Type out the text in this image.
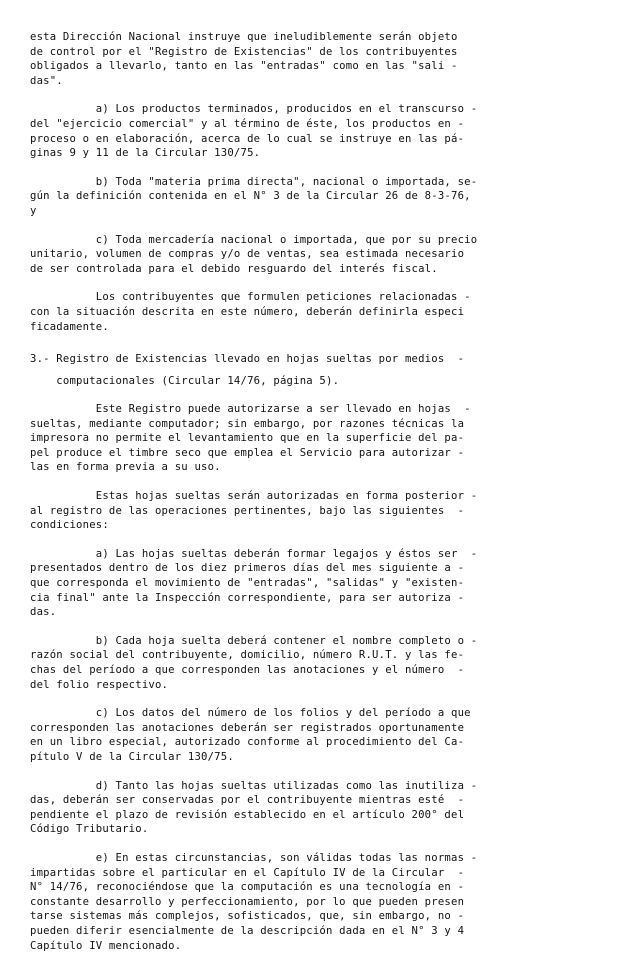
esta Dirección Nacional instruye que ineludiblemente serán objeto
de control por el "Registro de Existencias" de los contribuyentes
obligados a llevarlo, tanto en las "entradas" como en las "sali -
das".
a) Los productos terminados, producidos en el transcurso -
del "ejercicio comercial" y al término de éste, los productos en -
proceso o en elaboración, acerca de lo cual se instruye en las pá-
ginas 9 y 11 de la Circular 130/75.
b) Toda "materia prima directa", nacional o importada, se-
gún la definición contenida en el N° 3 de la Circular 26 de 8-3-76,
y
c) Toda mercadería nacional o importada, que por su precio
unitario, volumen de compras y/o de ventas, sea estimada necesario
de ser controlada para el debido resguardo del interés fiscal.
Los contribuyentes que formulen peticiones relacionadas -
con la situación descrita en este número, deberán definirla especi
ficadamente.
3.- Registro de Existencias llevado en hojas sueltas por medios  -
computacionales (Circular 14/76, página 5).
Este Registro puede autorizarse a ser llevado en hojas  -
sueltas, mediante computador; sin embargo, por razones técnicas la
impresora no permite el levantamiento que en la superficie del pa-
pel produce el timbre seco que emplea el Servicio para autorizar -
las en forma previa a su uso.
Estas hojas sueltas serán autorizadas en forma posterior -
al registro de las operaciones pertinentes, bajo las siguientes  -
condiciones:
a) Las hojas sueltas deberán formar legajos y éstos ser  -
presentados dentro de los diez primeros días del mes siguiente a -
que corresponda el movimiento de "entradas", "salidas" y "existen-
cia final" ante la Inspección correspondiente, para ser autoriza -
das.
b) Cada hoja suelta deberá contener el nombre completo o -
razón social del contribuyente, domicilio, número R.U.T. y las fe-
chas del período a que corresponden las anotaciones y el número  -
del folio respectivo.
c) Los datos del número de los folios y del período a que
corresponden las anotaciones deberán ser registrados oportunamente
en un libro especial, autorizado conforme al procedimiento del Ca-
pítulo V de la Circular 130/75.
d) Tanto las hojas sueltas utilizadas como las inutiliza -
das, deberán ser conservadas por el contribuyente mientras esté  -
pendiente el plazo de revisión establecido en el artículo 200° del
Código Tributario.
e) En estas circunstancias, son válidas todas las normas -
impartidas sobre el particular en el Capítulo IV de la Circular  -
N° 14/76, reconociéndose que la computación es una tecnología en -
constante desarrollo y perfeccionamiento, por lo que pueden presen
tarse sistemas más complejos, sofisticados, que, sin embargo, no -
pueden diferir esencialmente de la descripción dada en el N° 3 y 4
Capítulo IV mencionado.
